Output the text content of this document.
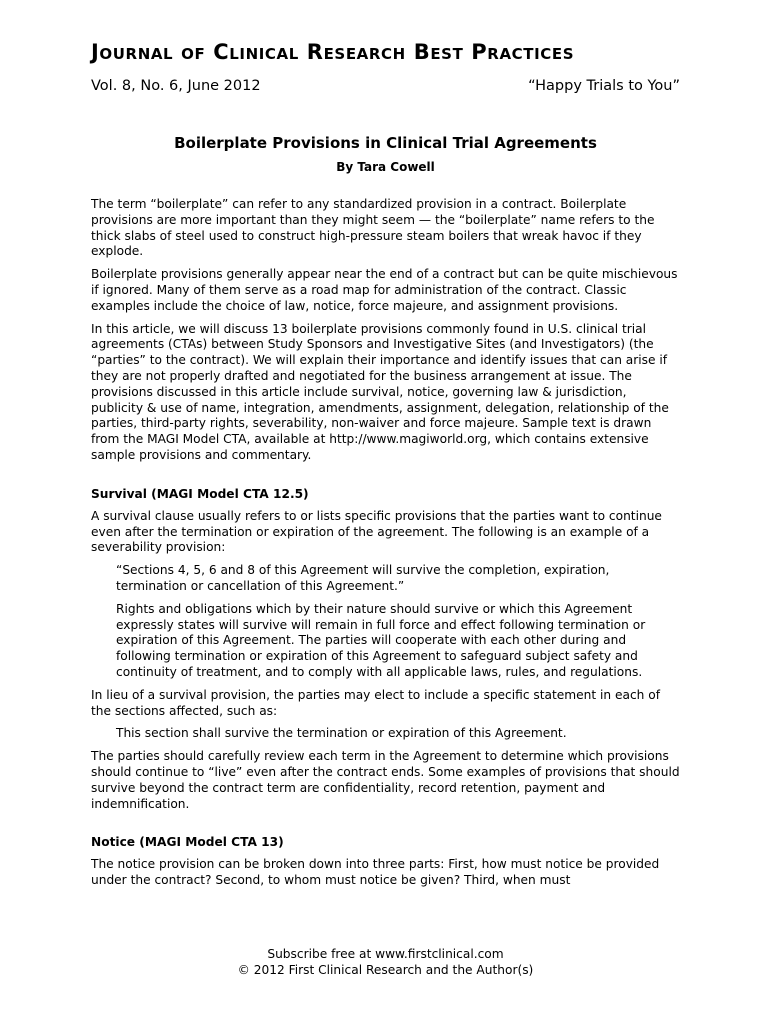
Journal of Clinical Research Best Practices
Vol. 8, No. 6, June 2012	“Happy Trials to You”
Boilerplate Provisions in Clinical Trial Agreements
By Tara Cowell

The term “boilerplate” can refer to any standardized provision in a contract. Boilerplate provisions are more important than they might seem — the “boilerplate” name refers to the thick slabs of steel used to construct high-pressure steam boilers that wreak havoc if they explode.

Boilerplate provisions generally appear near the end of a contract but can be quite mischievous if ignored. Many of them serve as a road map for administration of the contract. Classic examples include the choice of law, notice, force majeure, and assignment provisions.

In this article, we will discuss 13 boilerplate provisions commonly found in U.S. clinical trial agreements (CTAs) between Study Sponsors and Investigative Sites (and Investigators) (the “parties” to the contract). We will explain their importance and identify issues that can arise if they are not properly drafted and negotiated for the business arrangement at issue. The provisions discussed in this article include survival, notice, governing law & jurisdiction, publicity & use of name, integration, amendments, assignment, delegation, relationship of the parties, third-party rights, severability, non-waiver and force majeure. Sample text is drawn from the MAGI Model CTA, available at http://www.magiworld.org, which contains extensive sample provisions and commentary.

Survival (MAGI Model CTA 12.5)

A survival clause usually refers to or lists specific provisions that the parties want to continue even after the termination or expiration of the agreement. The following is an example of a severability provision:

“Sections 4, 5, 6 and 8 of this Agreement will survive the completion, expiration, termination or cancellation of this Agreement.”

Rights and obligations which by their nature should survive or which this Agreement expressly states will survive will remain in full force and effect following termination or expiration of this Agreement. The parties will cooperate with each other during and following termination or expiration of this Agreement to safeguard subject safety and continuity of treatment, and to comply with all applicable laws, rules, and regulations.

In lieu of a survival provision, the parties may elect to include a specific statement in each of the sections affected, such as:

This section shall survive the termination or expiration of this Agreement.

The parties should carefully review each term in the Agreement to determine which provisions should continue to “live” even after the contract ends. Some examples of provisions that should survive beyond the contract term are confidentiality, record retention, payment and indemnification.

Notice (MAGI Model CTA 13)

The notice provision can be broken down into three parts: First, how must notice be provided under the contract? Second, to whom must notice be given? Third, when must

Subscribe free at www.firstclinical.com
© 2012 First Clinical Research and the Author(s)
